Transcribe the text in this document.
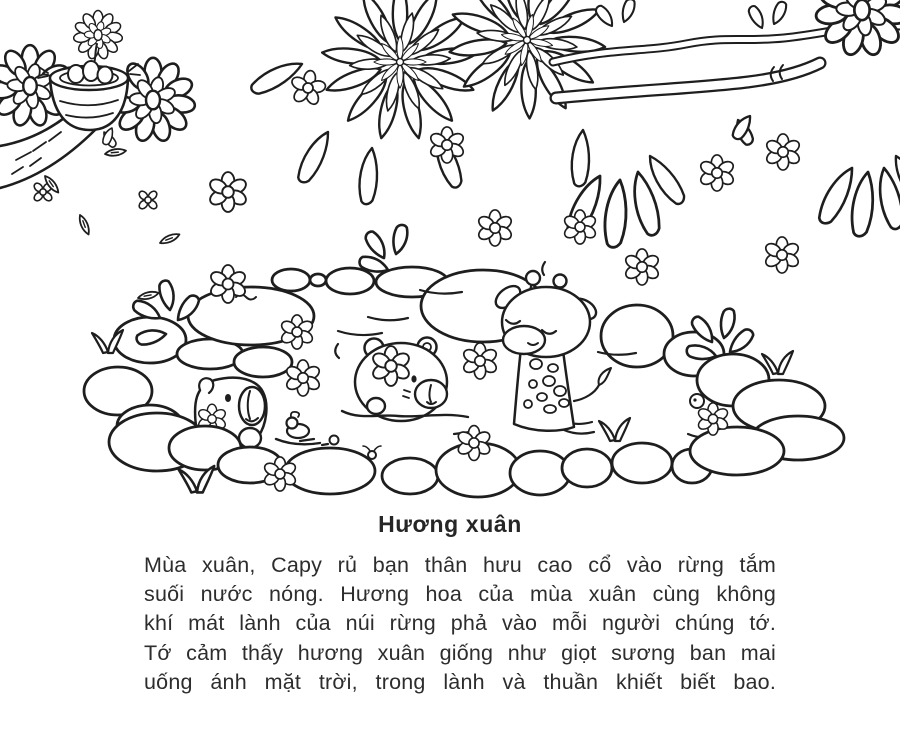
Hương xuân
Mùa xuân, Capy rủ bạn thân hưu cao cổ vào rừng tắm
suối nước nóng. Hương hoa của mùa xuân cùng không
khí mát lành của núi rừng phả vào mỗi người chúng tớ.
Tớ cảm thấy hương xuân giống như giọt sương ban mai
uống ánh mặt trời, trong lành và thuần khiết biết bao.
